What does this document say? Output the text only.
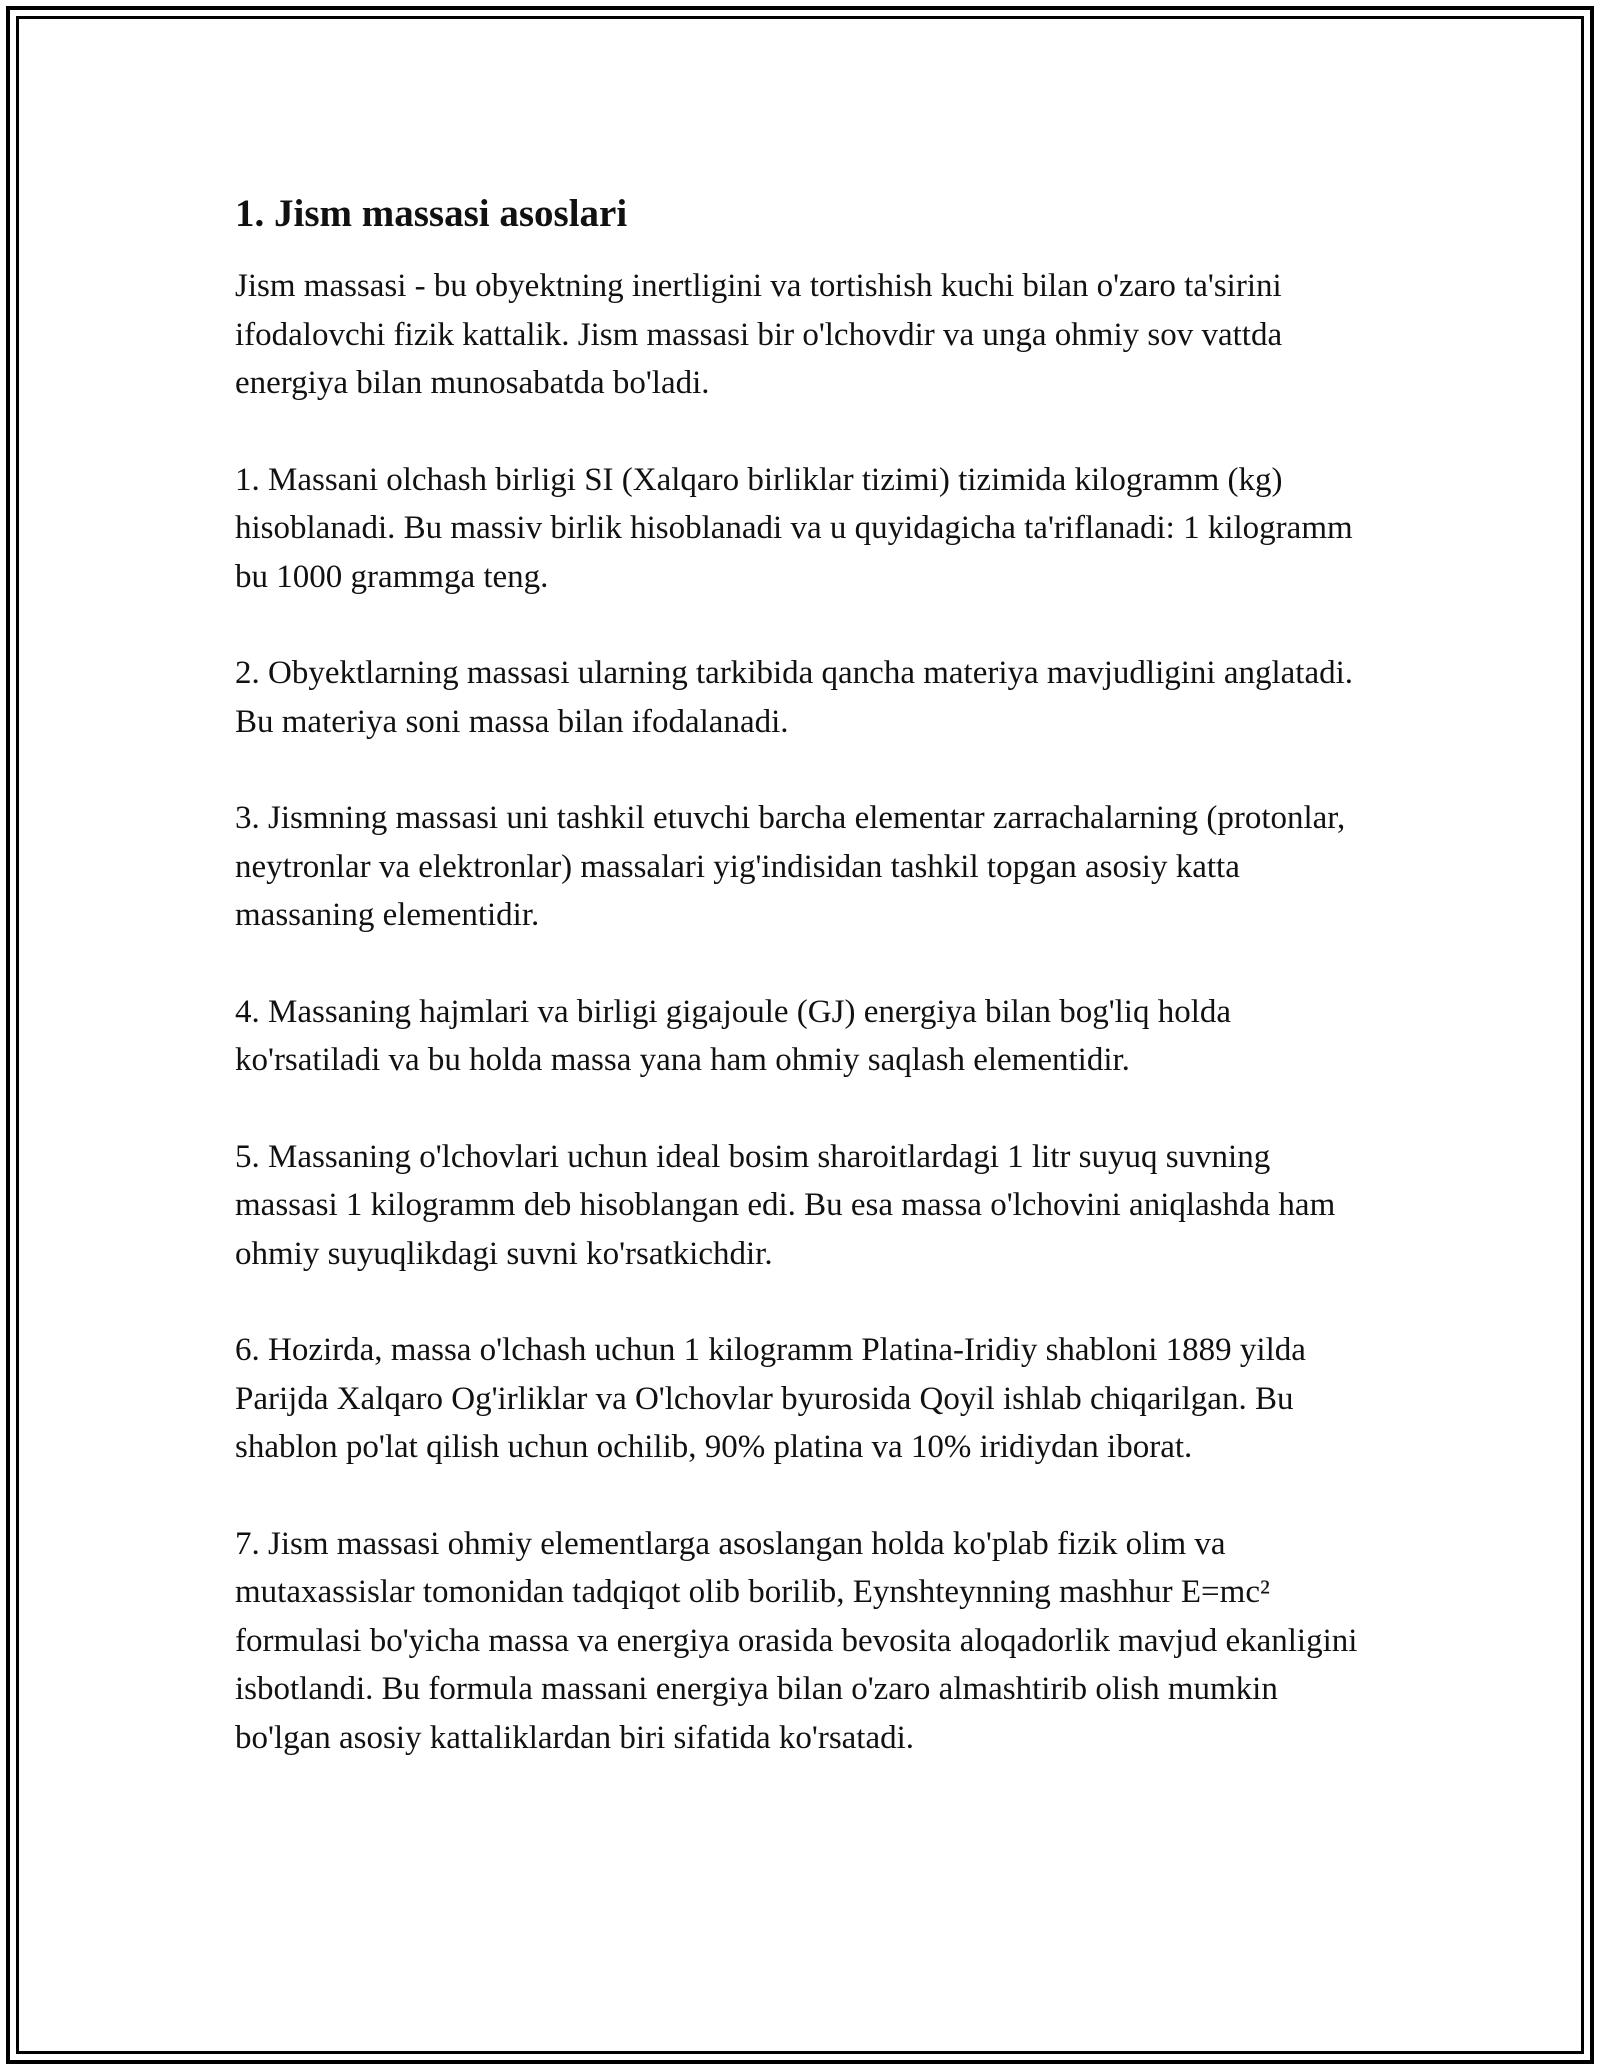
1. Jism massasi asoslari

Jism massasi - bu obyektning inertligini va tortishish kuchi bilan o'zaro ta'sirini ifodalovchi fizik kattalik. Jism massasi bir o'lchovdir va unga ohmiy sov vattda energiya bilan munosabatda bo'ladi.

1. Massani olchash birligi SI (Xalqaro birliklar tizimi) tizimida kilogramm (kg) hisoblanadi. Bu massiv birlik hisoblanadi va u quyidagicha ta'riflanadi: 1 kilogramm bu 1000 grammga teng.

2. Obyektlarning massasi ularning tarkibida qancha materiya mavjudligini anglatadi. Bu materiya soni massa bilan ifodalanadi.

3. Jismning massasi uni tashkil etuvchi barcha elementar zarrachalarning (protonlar, neytronlar va elektronlar) massalari yig'indisidan tashkil topgan asosiy katta massaning elementidir.

4. Massaning hajmlari va birligi gigajoule (GJ) energiya bilan bog'liq holda ko'rsatiladi va bu holda massa yana ham ohmiy saqlash elementidir.

5. Massaning o'lchovlari uchun ideal bosim sharoitlardagi 1 litr suyuq suvning massasi 1 kilogramm deb hisoblangan edi. Bu esa massa o'lchovini aniqlashda ham ohmiy suyuqlikdagi suvni ko'rsatkichdir.

6. Hozirda, massa o'lchash uchun 1 kilogramm Platina-Iridiy shabloni 1889 yilda Parijda Xalqaro Og'irliklar va O'lchovlar byurosida Qoyil ishlab chiqarilgan. Bu shablon po'lat qilish uchun ochilib, 90% platina va 10% iridiydan iborat.

7. Jism massasi ohmiy elementlarga asoslangan holda ko'plab fizik olim va mutaxassislar tomonidan tadqiqot olib borilib, Eynshteynning mashhur E=mc² formulasi bo'yicha massa va energiya orasida bevosita aloqadorlik mavjud ekanligini isbotlandi. Bu formula massani energiya bilan o'zaro almashtirib olish mumkin bo'lgan asosiy kattaliklardan biri sifatida ko'rsatadi.
